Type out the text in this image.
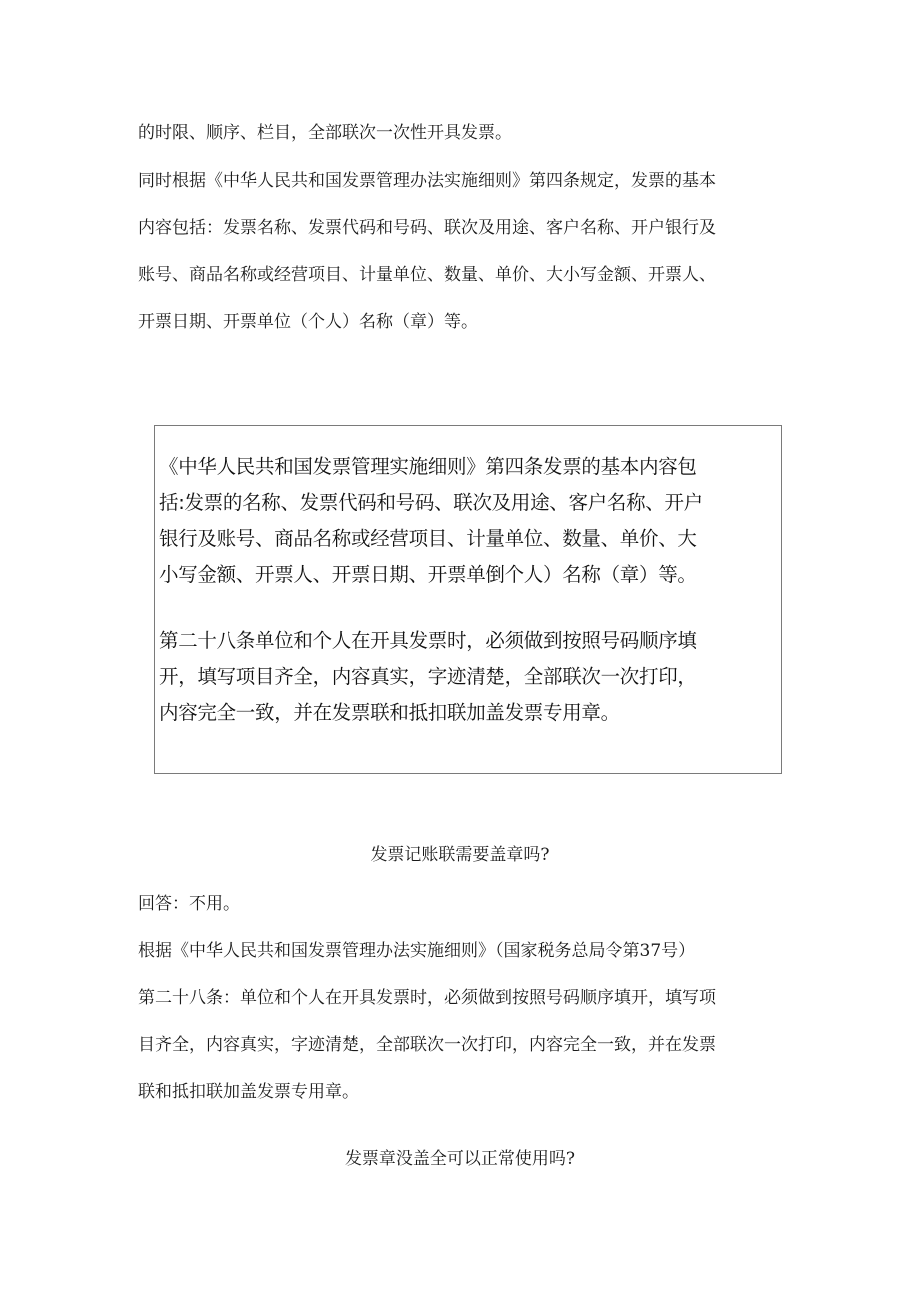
的时限、顺序、栏目，全部联次一次性开具发票。
同时根据《中华人民共和国发票管理办法实施细则》第四条规定，发票的基本
内容包括：发票名称、发票代码和号码、联次及用途、客户名称、开户银行及
账号、商品名称或经营项目、计量单位、数量、单价、大小写金额、开票人、
开票日期、开票单位（个人）名称（章）等。
《中华人民共和国发票管理实施细则》第四条发票的基本内容包
括:发票的名称、发票代码和号码、联次及用途、客户名称、开户
银行及账号、商品名称或经营项目、计量单位、数量、单价、大
小写金额、开票人、开票日期、开票单倒个人）名称（章）等。
第二十八条单位和个人在开具发票时，必须做到按照号码顺序填
开，填写项目齐全，内容真实，字迹清楚，全部联次一次打印，
内容完全一致，并在发票联和抵扣联加盖发票专用章。

发票记账联需要盖章吗?

回答：不用。

根据《中华人民共和国发票管理办法实施细则》（国家税务总局令第37号）

第二十八条：单位和个人在开具发票时，必须做到按照号码顺序填开，填写项
目齐全，内容真实，字迹清楚，全部联次一次打印，内容完全一致，并在发票
联和抵扣联加盖发票专用章。

发票章没盖全可以正常使用吗?
